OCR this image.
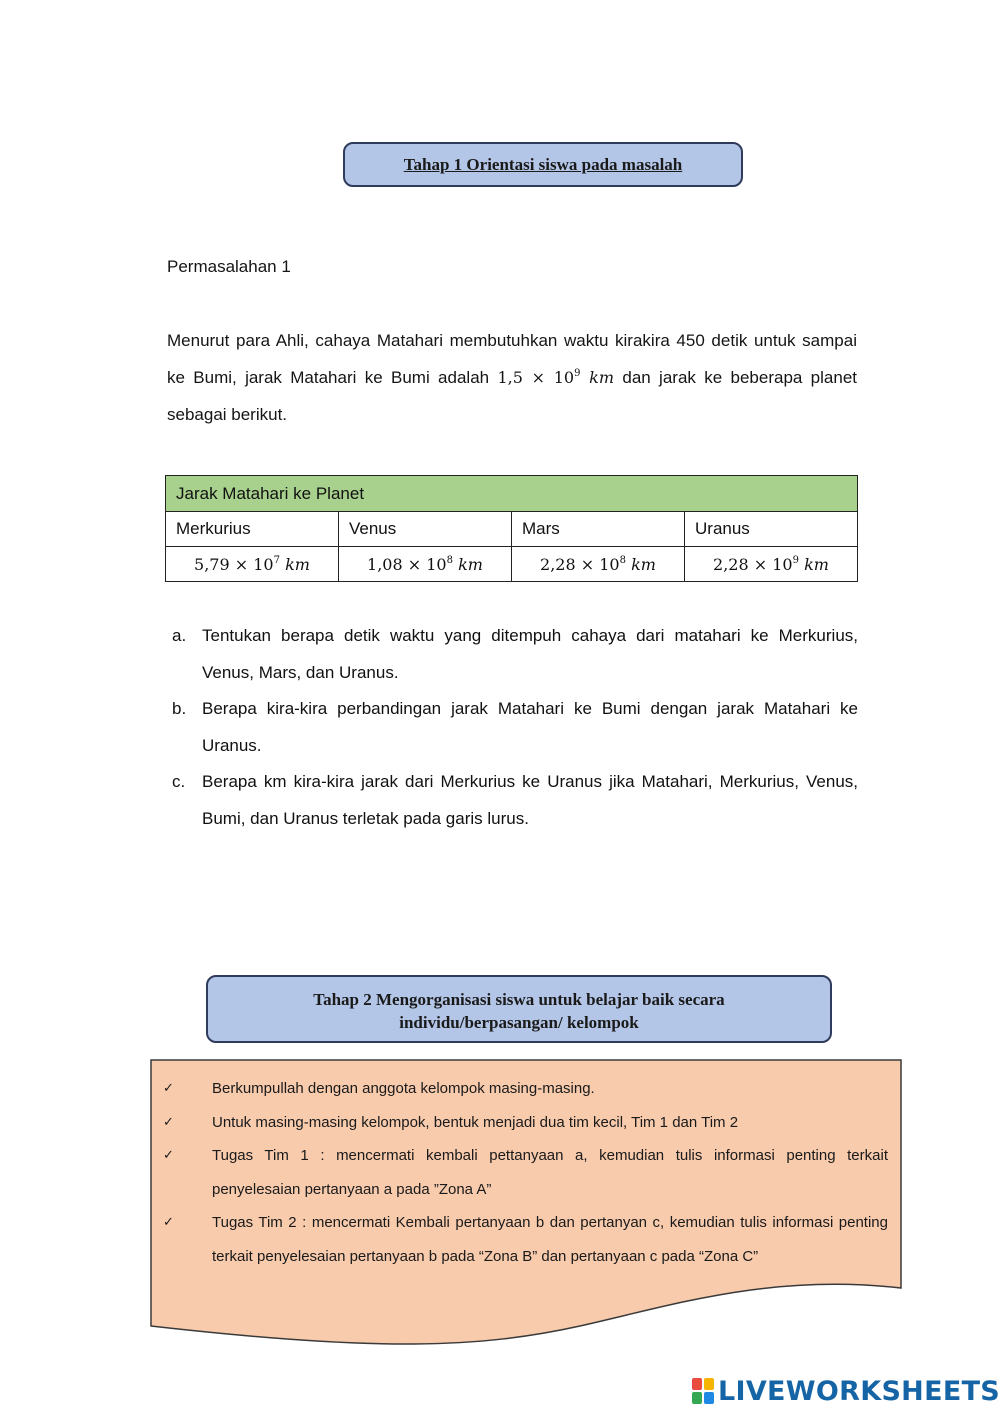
Tahap 1 Orientasi siswa pada masalah
Permasalahan 1
Menurut para Ahli, cahaya Matahari membutuhkan waktu kirakira 450 detik untuk sampai ke Bumi, jarak Matahari ke Bumi adalah $1,5 \times 10^9$ km dan jarak ke beberapa planet sebagai berikut.
Jarak Matahari ke Planet			
Merkurius	Venus	Mars	Uranus
$5,79 \times 10^7$ km	$1,08 \times 10^8$ km	$2,28 \times 10^8$ km	$2,28 \times 10^9$ km
a. Tentukan berapa detik waktu yang ditempuh cahaya dari matahari ke Merkurius, Venus, Mars, dan Uranus.
b. Berapa kira-kira perbandingan jarak Matahari ke Bumi dengan jarak Matahari ke Uranus.
c. Berapa km kira-kira jarak dari Merkurius ke Uranus jika Matahari, Merkurius, Venus, Bumi, dan Uranus terletak pada garis lurus.
Tahap 2 Mengorganisasi siswa untuk belajar baik secara
individu/berpasangan/ kelompok
✓	Berkumpullah dengan anggota kelompok masing-masing.
✓	Untuk masing-masing kelompok, bentuk menjadi dua tim kecil, Tim 1 dan Tim 2
✓	Tugas Tim 1 : mencermati kembali pettanyaan a, kemudian tulis informasi penting terkait penyelesaian pertanyaan a pada ”Zona A”
✓	Tugas Tim 2 : mencermati Kembali pertanyaan b dan pertanyan c, kemudian tulis informasi penting terkait penyelesaian pertanyaan b pada “Zona B” dan pertanyaan c pada “Zona C”
LIVEWORKSHEETS
